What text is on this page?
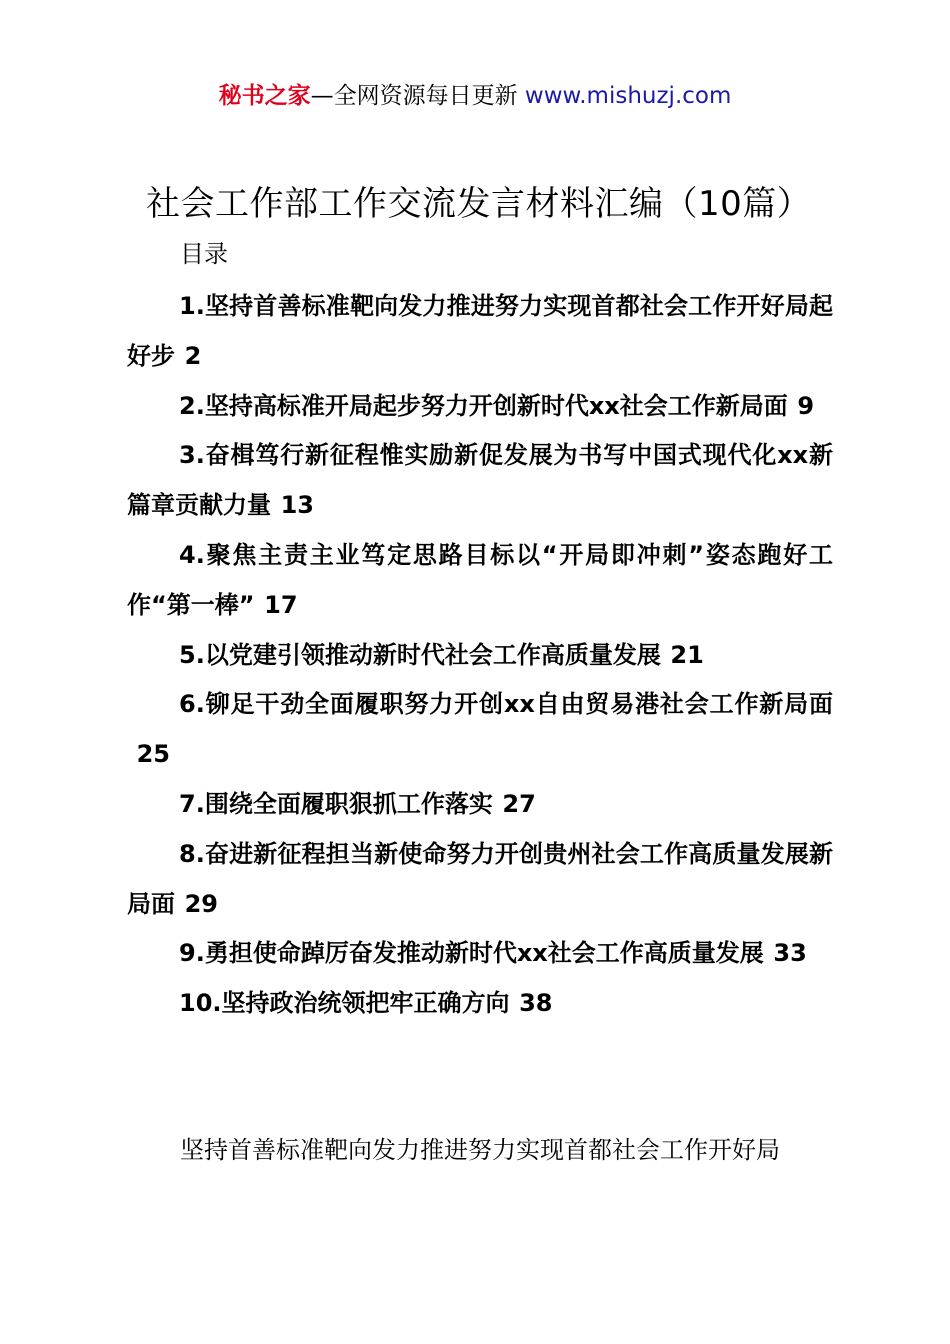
秘书之家—全网资源每日更新 www.mishuzj.com
社会工作部工作交流发言材料汇编（10篇）
目录
1.坚持首善标准靶向发力推进努力实现首都社会工作开好局起好步 2
2.坚持高标准开局起步努力开创新时代xx社会工作新局面 9
3.奋楫笃行新征程惟实励新促发展为书写中国式现代化xx新篇章贡献力量 13
4.聚焦主责主业笃定思路目标以“开局即冲刺”姿态跑好工作“第一棒” 17
5.以党建引领推动新时代社会工作高质量发展 21
6.铆足干劲全面履职努力开创xx自由贸易港社会工作新局面25
7.围绕全面履职狠抓工作落实 27
8.奋进新征程担当新使命努力开创贵州社会工作高质量发展新局面 29
9.勇担使命踔厉奋发推动新时代xx社会工作高质量发展 33
10.坚持政治统领把牢正确方向 38
坚持首善标准靶向发力推进努力实现首都社会工作开好局
